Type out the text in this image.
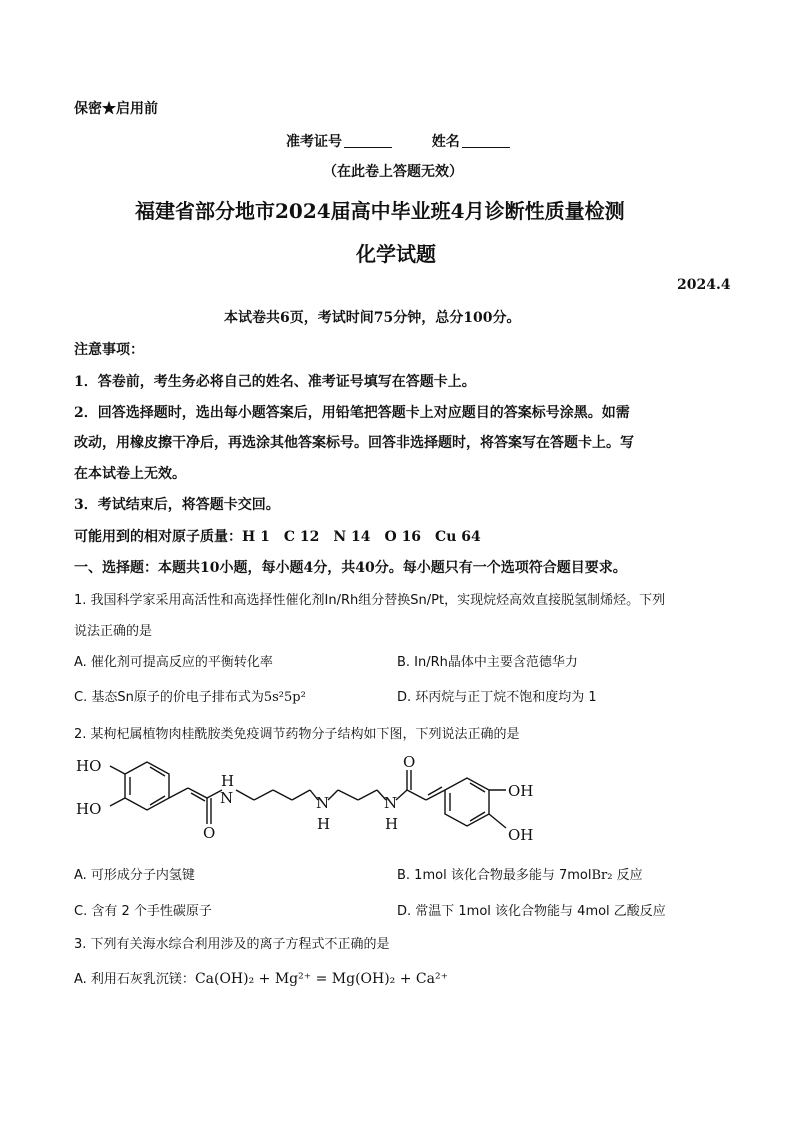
保密★启用前
准考证号	姓名
（在此卷上答题无效）
福建省部分地市2024届高中毕业班4月诊断性质量检测
化学试题
2024.4
本试卷共6页，考试时间75分钟，总分100分。
注意事项：
1．答卷前，考生务必将自己的姓名、准考证号填写在答题卡上。
2．回答选择题时，选出每小题答案后，用铅笔把答题卡上对应题目的答案标号涂黑。如需
改动，用橡皮擦干净后，再选涂其他答案标号。回答非选择题时，将答案写在答题卡上。写
在本试卷上无效。
3．考试结束后，将答题卡交回。
可能用到的相对原子质量：H 1　C 12　N 14　O 16　Cu 64
一、选择题：本题共10小题，每小题4分，共40分。每小题只有一个选项符合题目要求。
1. 我国科学家采用高活性和高选择性催化剂In/Rh组分替换Sn/Pt，实现烷烃高效直接脱氢制烯烃。下列
说法正确的是
A. 催化剂可提高反应的平衡转化率	B. In/Rh晶体中主要含范德华力
C. 基态Sn原子的价电子排布式为5s²5p²	D. 环丙烷与正丁烷不饱和度均为 1
2. 某枸杞属植物肉桂酰胺类免疫调节药物分子结构如下图，下列说法正确的是
HO
HO
H
N
O
N
H
N
H
O
OH
OH
A. 可形成分子内氢键	B. 1mol 该化合物最多能与 7molBr₂ 反应
C. 含有 2 个手性碳原子	D. 常温下 1mol 该化合物能与 4mol 乙酸反应
3. 下列有关海水综合利用涉及的离子方程式不正确的是
A. 利用石灰乳沉镁：Ca(OH)₂ + Mg²⁺ = Mg(OH)₂ + Ca²⁺
